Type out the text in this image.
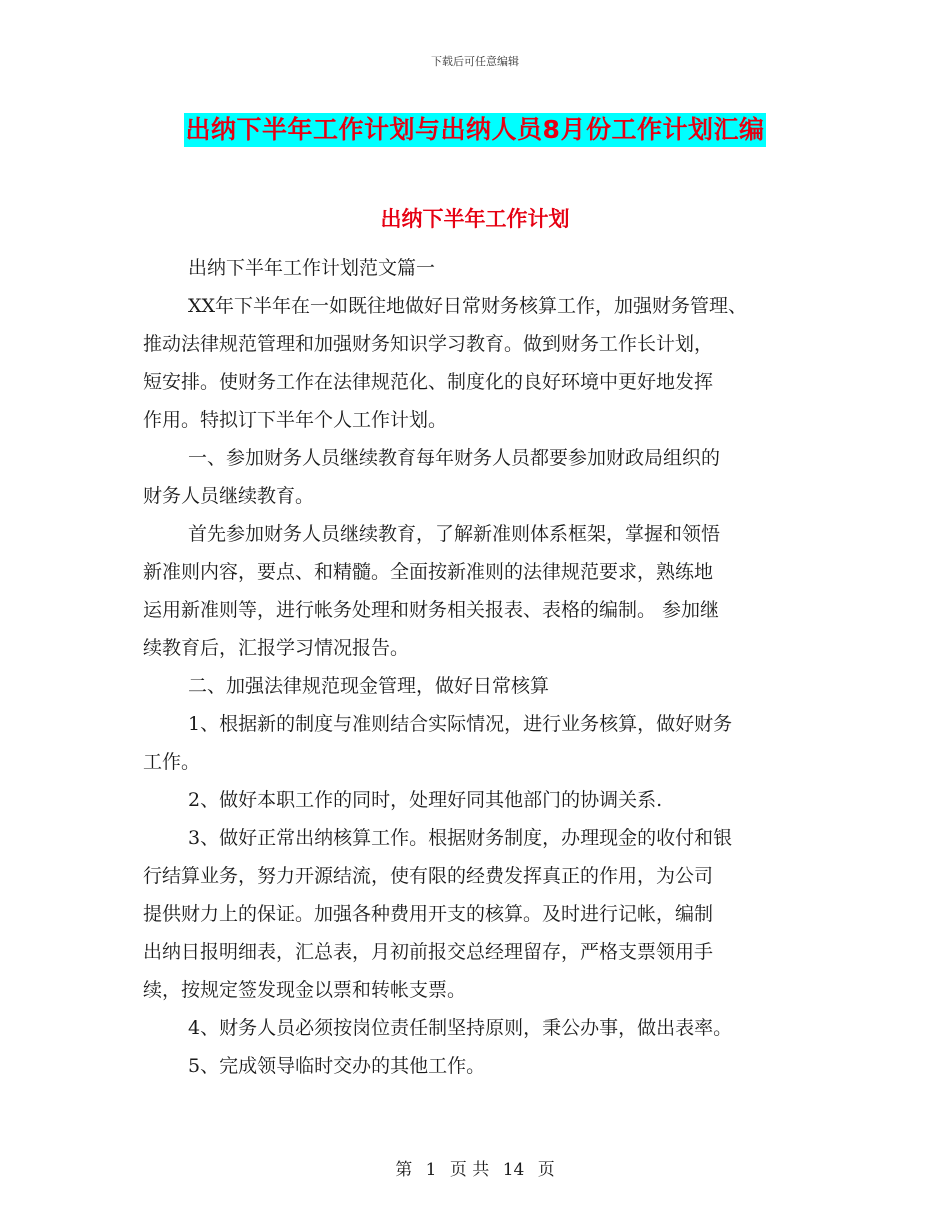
下载后可任意编辑
出纳下半年工作计划与出纳人员8月份工作计划汇编
出纳下半年工作计划
出纳下半年工作计划范文篇一
XX年下半年在一如既往地做好日常财务核算工作，加强财务管理、
推动法律规范管理和加强财务知识学习教育。做到财务工作长计划，
短安排。使财务工作在法律规范化、制度化的良好环境中更好地发挥
作用。特拟订下半年个人工作计划。
一、参加财务人员继续教育每年财务人员都要参加财政局组织的
财务人员继续教育。
首先参加财务人员继续教育，了解新准则体系框架，掌握和领悟
新准则内容，要点、和精髓。全面按新准则的法律规范要求，熟练地
运用新准则等，进行帐务处理和财务相关报表、表格的编制。 参加继
续教育后，汇报学习情况报告。
二、加强法律规范现金管理，做好日常核算
1、根据新的制度与准则结合实际情况，进行业务核算，做好财务
工作。
2、做好本职工作的同时，处理好同其他部门的协调关系.
3、做好正常出纳核算工作。根据财务制度，办理现金的收付和银
行结算业务，努力开源结流，使有限的经费发挥真正的作用，为公司
提供财力上的保证。加强各种费用开支的核算。及时进行记帐，编制
出纳日报明细表，汇总表，月初前报交总经理留存，严格支票领用手
续，按规定签发现金以票和转帐支票。
4、财务人员必须按岗位责任制坚持原则，秉公办事，做出表率。
5、完成领导临时交办的其他工作。
第 1 页 共 14 页
